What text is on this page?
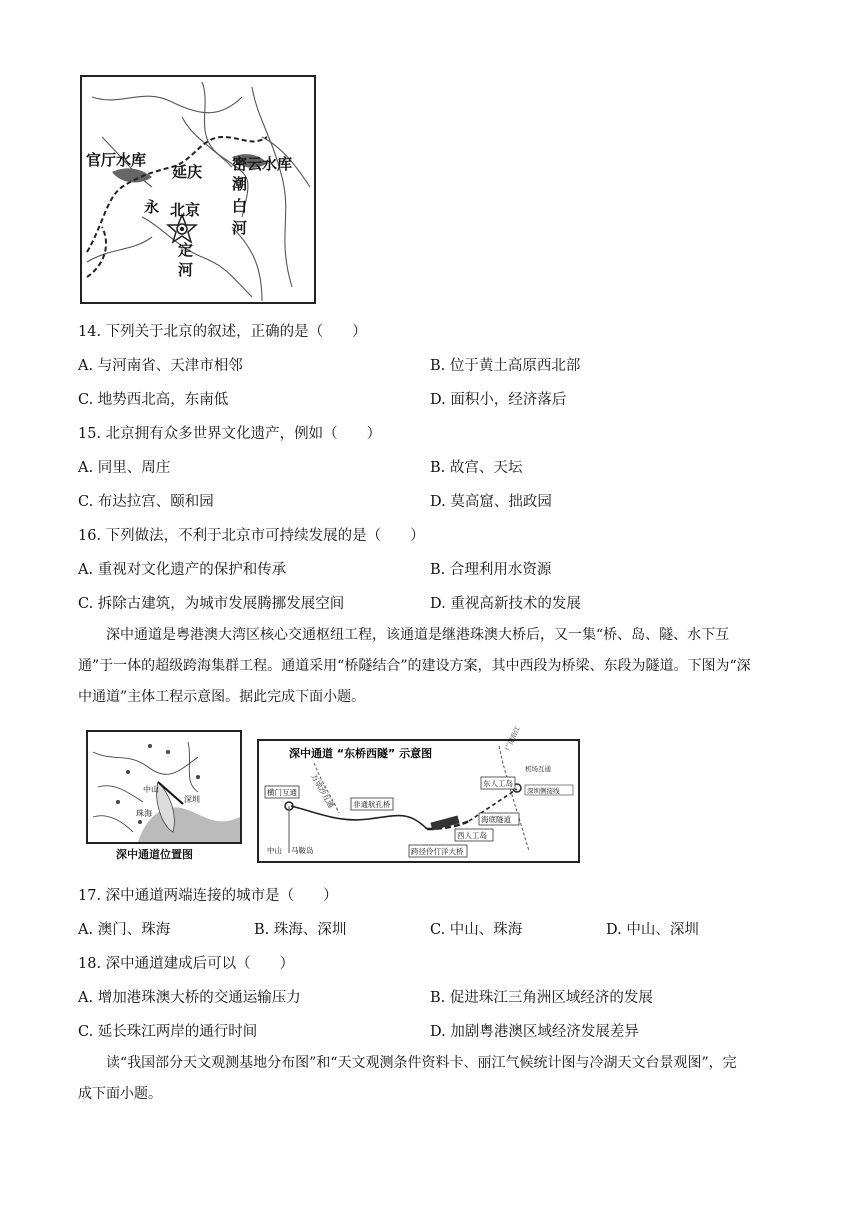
官厅水库	密云水库
延庆
北京
潮
白
河
永
定
河
14. 下列关于北京的叙述，正确的是（　　）
A. 与河南省、天津市相邻	B. 位于黄土高原西北部
C. 地势西北高，东南低	D. 面积小，经济落后
15. 北京拥有众多世界文化遗产，例如（　　）
A. 同里、周庄	B. 故宫、天坛
C. 布达拉宫、颐和园	D. 莫高窟、拙政园
16. 下列做法，不利于北京市可持续发展的是（　　）
A. 重视对文化遗产的保护和传承	B. 合理利用水资源
C. 拆除古建筑，为城市发展腾挪发展空间	D. 重视高新技术的发展
深中通道是粤港澳大湾区核心交通枢纽工程，该通道是继港珠澳大桥后，又一集“桥、岛、隧、水下互
通”于一体的超级跨海集群工程。通道采用“桥隧结合”的建设方案，其中西段为桥梁、东段为隧道。下图为“深
中通道”主体工程示意图。据此完成下面小题。
中山
深圳
珠海
深中通道位置图
深中通道 “东桥西隧” 示意图
万顷沙互通
横门互通
非通航孔桥
跨径伶仃洋大桥
西人工岛
海底隧道
东人工岛
广深沿江
机场互通
深圳侧接线
中山 马鞍岛
17. 深中通道两端连接的城市是（　　）
A. 澳门、珠海	B. 珠海、深圳	C. 中山、珠海	D. 中山、深圳
18. 深中通道建成后可以（　　）
A. 增加港珠澳大桥的交通运输压力	B. 促进珠江三角洲区域经济的发展
C. 延长珠江两岸的通行时间	D. 加剧粤港澳区域经济发展差异
读“我国部分天文观测基地分布图”和“天文观测条件资料卡、丽江气候统计图与冷湖天文台景观图”，完
成下面小题。
